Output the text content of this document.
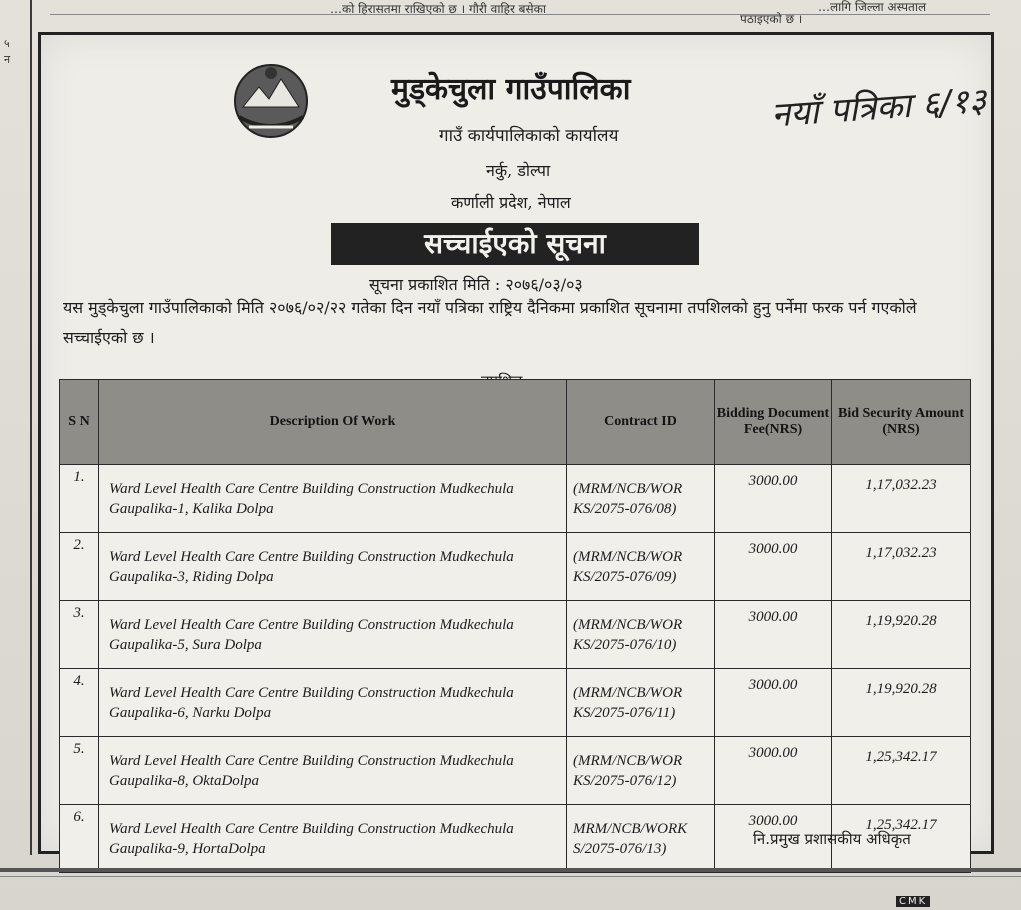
…को हिरासतमा राखिएको छ । गौरी वाहिर बसेका	…लागि जिल्ला अस्पताल
पठाइएको छ ।
५
न
मुड्केचुला गाउँपालिका	नयाँ पत्रिका ६/१३
गाउँ कार्यपालिकाको कार्यालय
नर्कु, डोल्पा
कर्णाली प्रदेश, नेपाल
सच्चाईएको सूचना
सूचना प्रकाशित मिति : २०७६/०३/०३
यस मुड्केचुला गाउँपालिकाको मिति २०७६/०२/२२ गतेका दिन नयाँ पत्रिका राष्ट्रिय दैनिकमा प्रकाशित सूचनामा तपशिलको हुनु पर्नेमा फरक पर्न गएकोले सच्चाईएको छ ।
S N	Description Of Work	Contract ID	Bidding Document Fee(NRS)	Bid Security Amount (NRS)
1.	Ward Level Health Care Centre Building Construction Mudkechula Gaupalika-1, Kalika Dolpa	(MRM/NCB/WOR KS/2075-076/08)	3000.00	1,17,032.23
2.	Ward Level Health Care Centre Building Construction Mudkechula Gaupalika-3, Riding Dolpa	(MRM/NCB/WOR KS/2075-076/09)	3000.00	1,17,032.23
3.	Ward Level Health Care Centre Building Construction Mudkechula Gaupalika-5, Sura Dolpa	(MRM/NCB/WOR KS/2075-076/10)	3000.00	1,19,920.28
4.	Ward Level Health Care Centre Building Construction Mudkechula Gaupalika-6, Narku Dolpa	(MRM/NCB/WOR KS/2075-076/11)	3000.00	1,19,920.28
5.	Ward Level Health Care Centre Building Construction Mudkechula Gaupalika-8, OktaDolpa	(MRM/NCB/WOR KS/2075-076/12)	3000.00	1,25,342.17
6.	Ward Level Health Care Centre Building Construction Mudkechula Gaupalika-9, HortaDolpa	MRM/NCB/WORK S/2075-076/13)	3000.00	1,25,342.17
नि.प्रमुख प्रशासकीय अधिकृत
CMK
